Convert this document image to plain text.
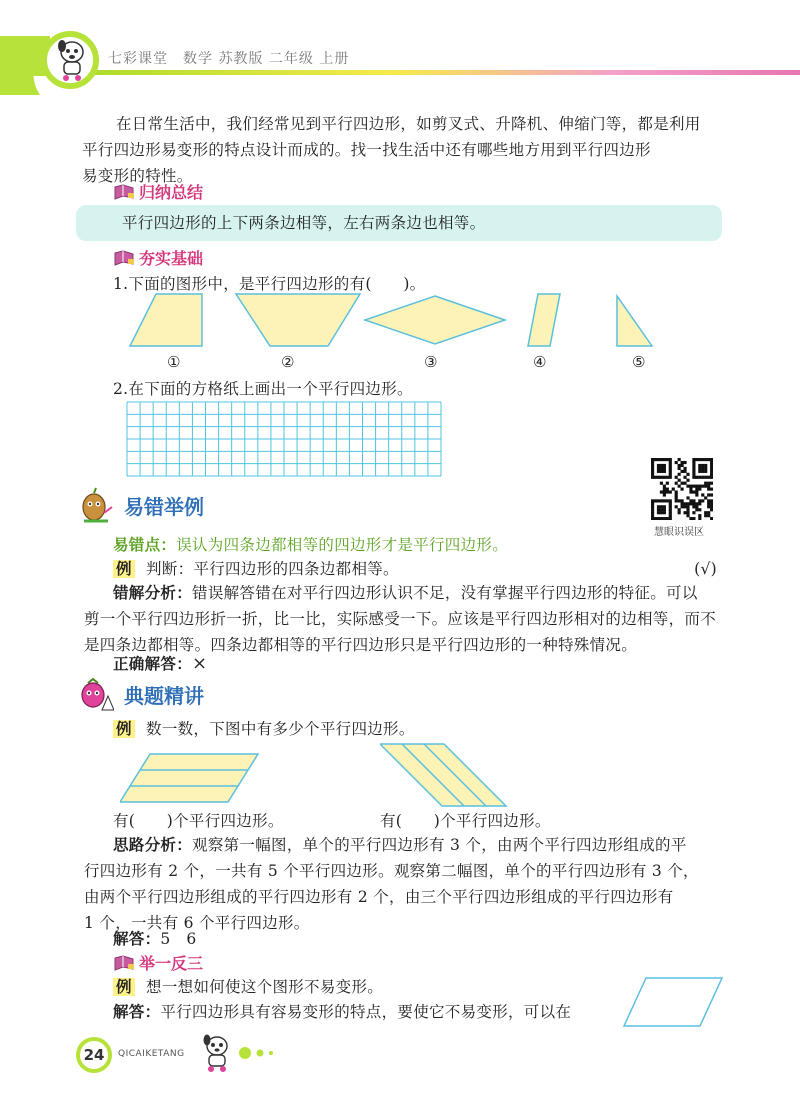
七彩课堂　数学 苏教版 二年级 上册
在日常生活中，我们经常见到平行四边形，如剪叉式、升降机、伸缩门等，都是利用
平行四边形易变形的特点设计而成的。找一找生活中还有哪些地方用到平行四边形
易变形的特性。
归纳总结
平行四边形的上下两条边相等，左右两条边也相等。
夯实基础
1.下面的图形中，是平行四边形的有(　　)。
①	②	③	④	⑤
2.在下面的方格纸上画出一个平行四边形。
慧眼识误区
易错举例
易错点：误认为四条边都相等的四边形才是平行四边形。
例 判断：平行四边形的四条边都相等。	(√)
错解分析：错误解答错在对平行四边形认识不足，没有掌握平行四边形的特征。可以
剪一个平行四边形折一折，比一比，实际感受一下。应该是平行四边形相对的边相等，而不
是四条边都相等。四条边都相等的平行四边形只是平行四边形的一种特殊情况。
正确解答：×
典题精讲
例 数一数，下图中有多少个平行四边形。
有(　　)个平行四边形。	有(　　)个平行四边形。
思路分析：观察第一幅图，单个的平行四边形有 3 个，由两个平行四边形组成的平
行四边形有 2 个，一共有 5 个平行四边形。观察第二幅图，单个的平行四边形有 3 个，
由两个平行四边形组成的平行四边形有 2 个，由三个平行四边形组成的平行四边形有
1 个，一共有 6 个平行四边形。
解答：5　6
举一反三
例 想一想如何使这个图形不易变形。
解答：平行四边形具有容易变形的特点，要使它不易变形，可以在
24 QICAIKETANG
